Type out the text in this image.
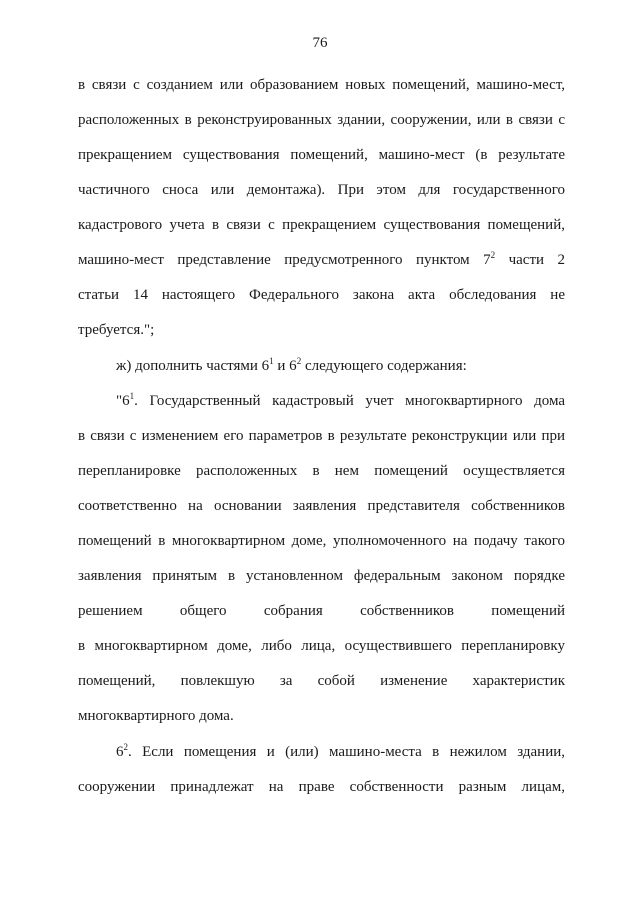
76
в связи с созданием или образованием новых помещений, машино-мест,
расположенных в реконструированных здании, сооружении, или в связи с
прекращением существования помещений, машино-мест (в результате
частичного сноса или демонтажа). При этом для государственного
кадастрового учета в связи с прекращением существования помещений,
машино-мест представление предусмотренного пунктом $7^2$ части 2
статьи 14 настоящего Федерального закона акта обследования не
требуется.";
ж) дополнить частями $6^1$ и $6^2$ следующего содержания:
"$6^1$. Государственный кадастровый учет многоквартирного дома
в связи с изменением его параметров в результате реконструкции или при
перепланировке расположенных в нем помещений осуществляется
соответственно на основании заявления представителя собственников
помещений в многоквартирном доме, уполномоченного на подачу такого
заявления принятым в установленном федеральным законом порядке
решением общего собрания собственников помещений
в многоквартирном доме, либо лица, осуществившего перепланировку
помещений, повлекшую за собой изменение характеристик
многоквартирного дома.
$6^2$. Если помещения и (или) машино-места в нежилом здании,
сооружении принадлежат на праве собственности разным лицам,
